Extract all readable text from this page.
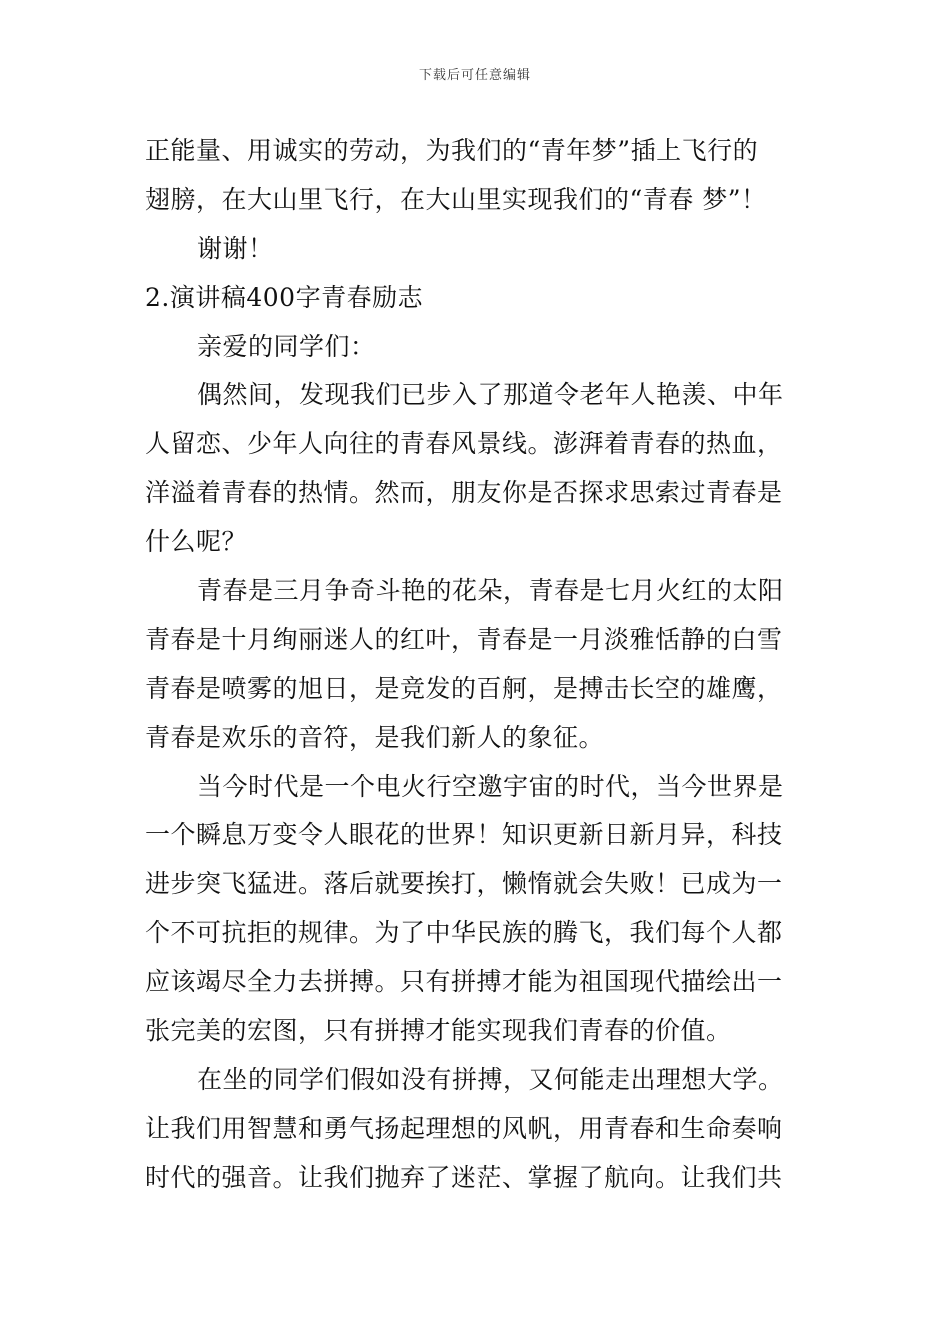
下载后可任意编辑
正能量、用诚实的劳动，为我们的“青年梦”插上飞行的
翅膀，在大山里飞行，在大山里实现我们的“青春 梦”！
谢谢！
2.演讲稿400字青春励志
亲爱的同学们：
偶然间，发现我们已步入了那道令老年人艳羡、中年
人留恋、少年人向往的青春风景线。澎湃着青春的热血，
洋溢着青春的热情。然而，朋友你是否探求思索过青春是
什么呢？
青春是三月争奇斗艳的花朵，青春是七月火红的太阳
青春是十月绚丽迷人的红叶，青春是一月淡雅恬静的白雪
青春是喷雾的旭日，是竞发的百舸，是搏击长空的雄鹰，
青春是欢乐的音符，是我们新人的象征。
当今时代是一个电火行空邀宇宙的时代，当今世界是
一个瞬息万变令人眼花的世界！知识更新日新月异，科技
进步突飞猛进。落后就要挨打，懒惰就会失败！已成为一
个不可抗拒的规律。为了中华民族的腾飞，我们每个人都
应该竭尽全力去拼搏。只有拼搏才能为祖国现代描绘出一
张完美的宏图，只有拼搏才能实现我们青春的价值。
在坐的同学们假如没有拼搏，又何能走出理想大学。
让我们用智慧和勇气扬起理想的风帆，用青春和生命奏响
时代的强音。让我们抛弃了迷茫、掌握了航向。让我们共
